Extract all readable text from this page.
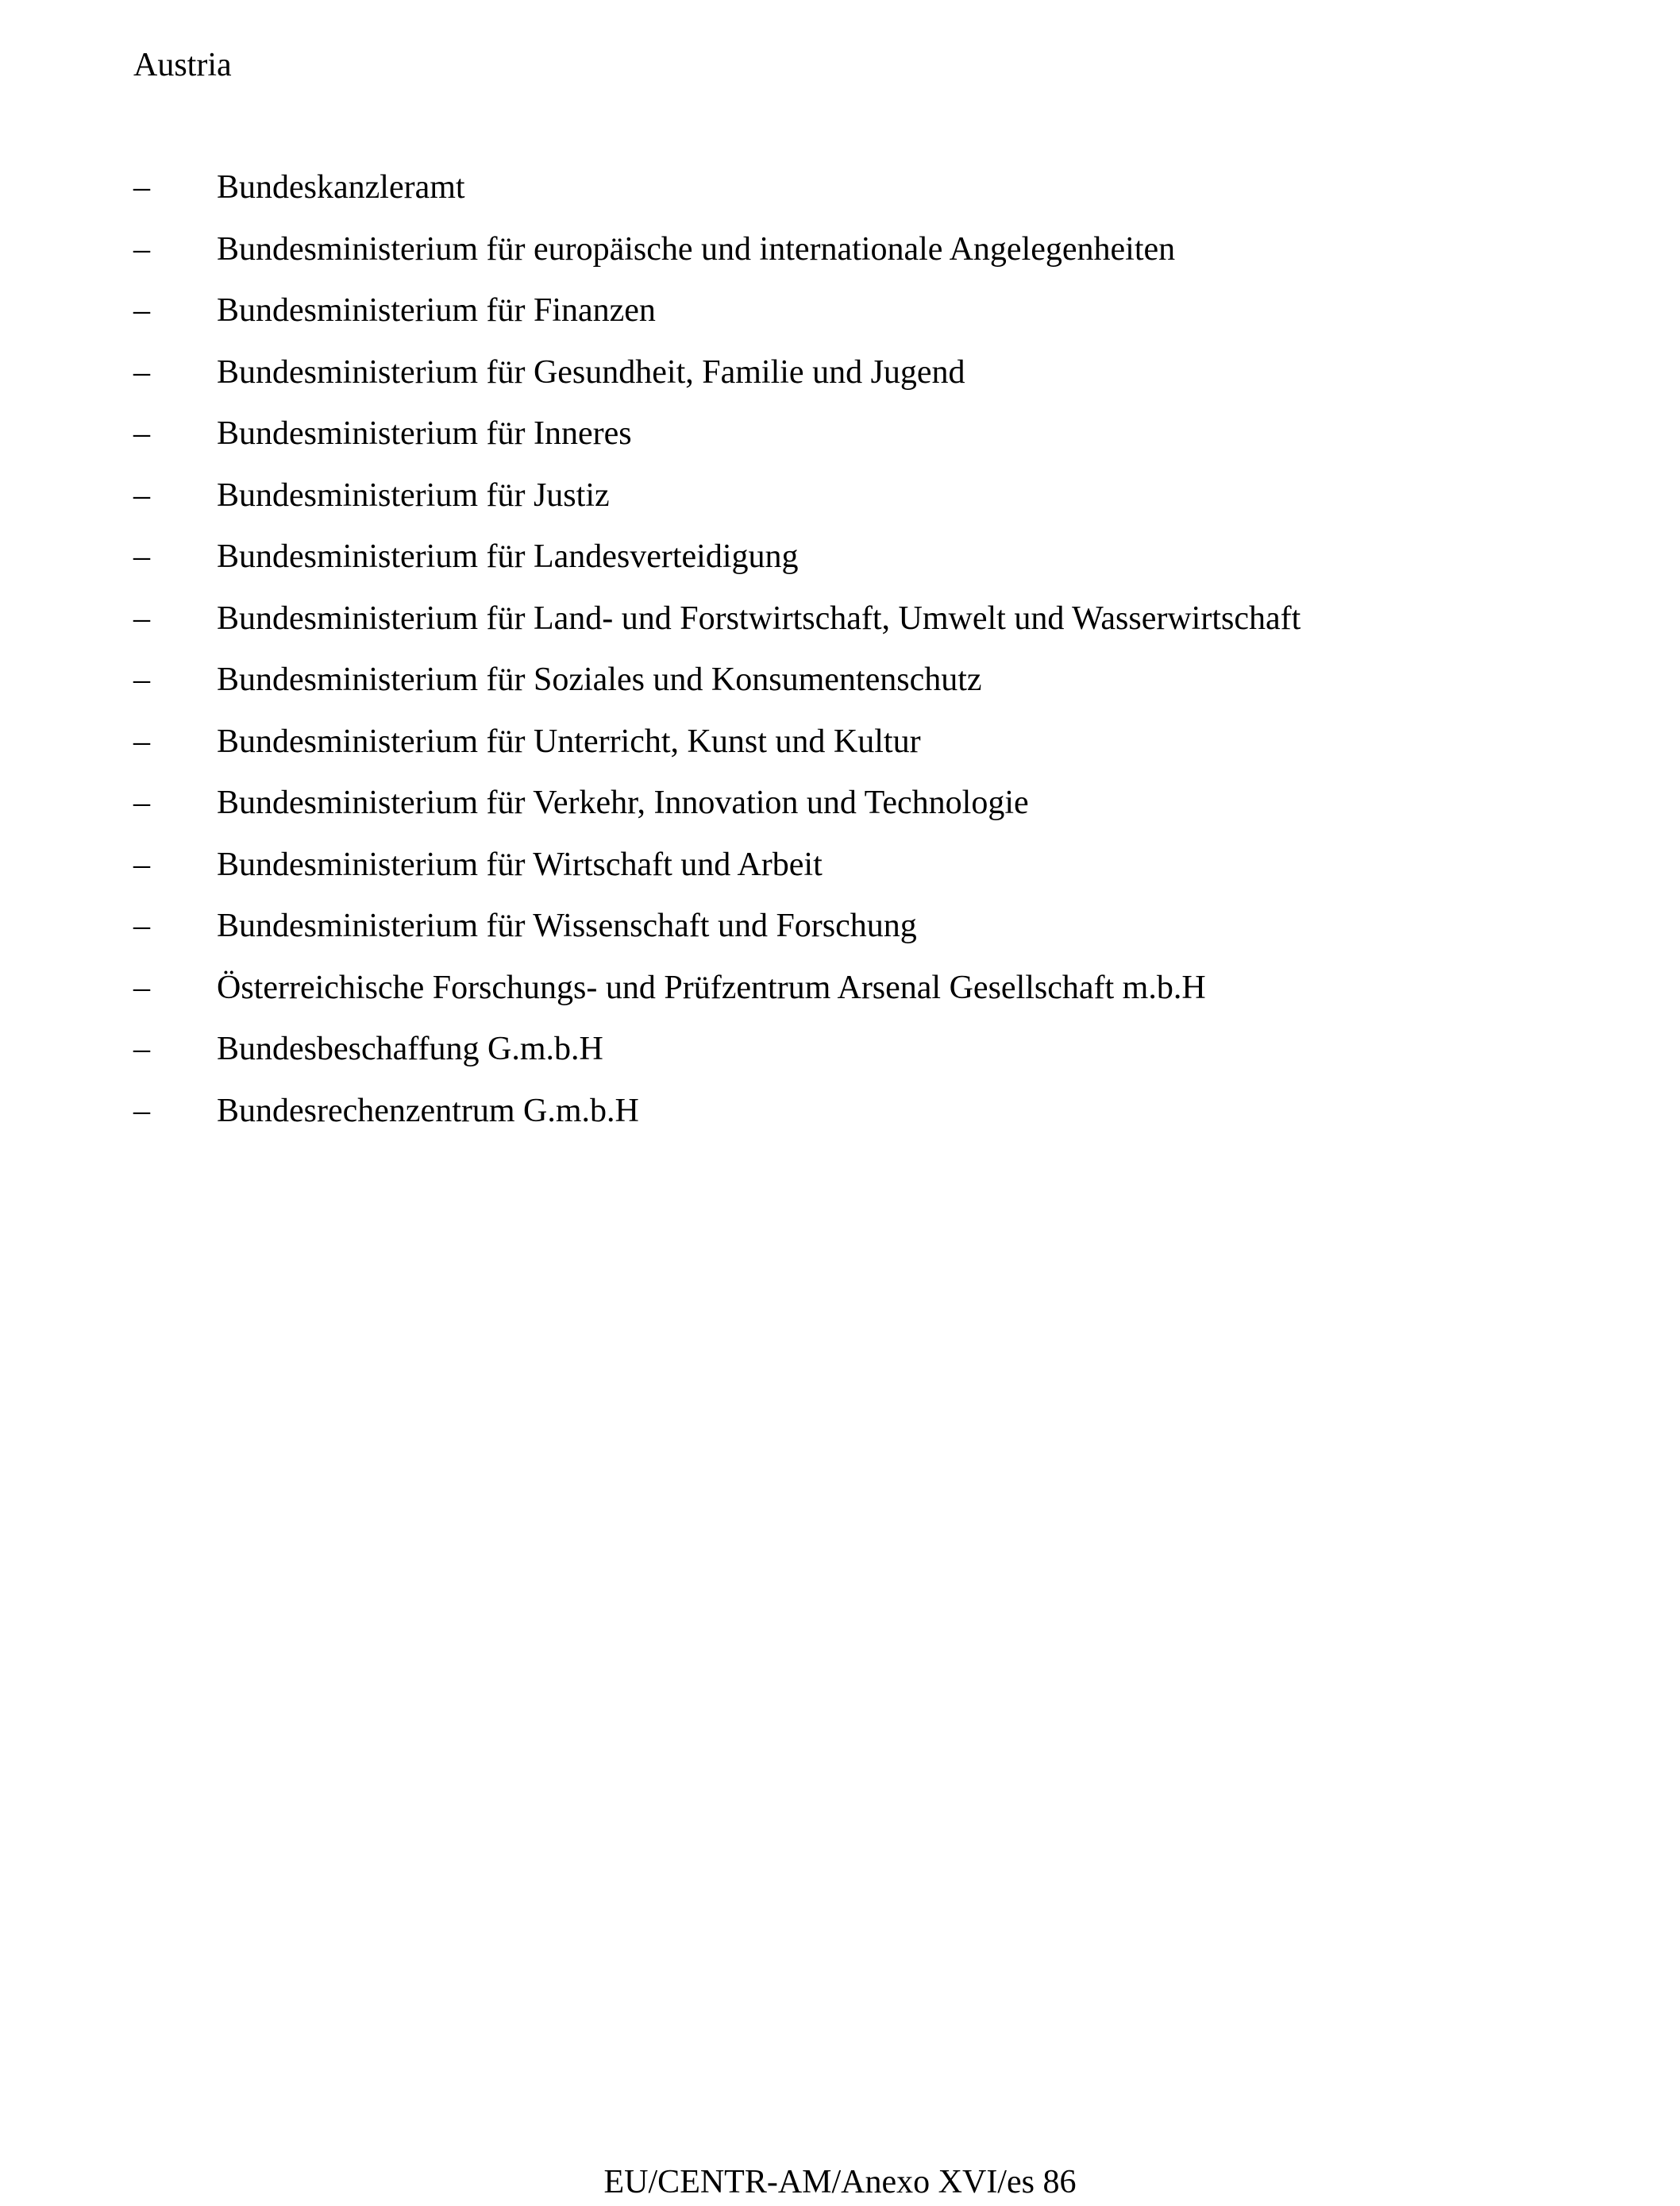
Austria
–	Bundeskanzleramt
–	Bundesministerium für europäische und internationale Angelegenheiten
–	Bundesministerium für Finanzen
–	Bundesministerium für Gesundheit, Familie und Jugend
–	Bundesministerium für Inneres
–	Bundesministerium für Justiz
–	Bundesministerium für Landesverteidigung
–	Bundesministerium für Land- und Forstwirtschaft, Umwelt und Wasserwirtschaft
–	Bundesministerium für Soziales und Konsumentenschutz
–	Bundesministerium für Unterricht, Kunst und Kultur
–	Bundesministerium für Verkehr, Innovation und Technologie
–	Bundesministerium für Wirtschaft und Arbeit
–	Bundesministerium für Wissenschaft und Forschung
–	Österreichische Forschungs- und Prüfzentrum Arsenal Gesellschaft m.b.H
–	Bundesbeschaffung G.m.b.H
–	Bundesrechenzentrum G.m.b.H
EU/CENTR-AM/Anexo XVI/es 86
